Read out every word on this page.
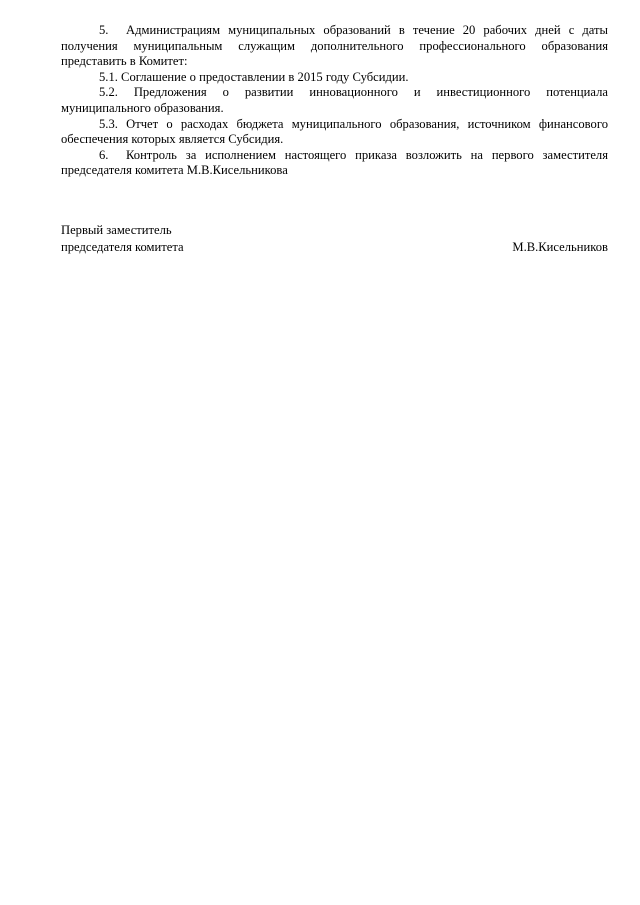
5. Администрациям муниципальных образований в течение 20 рабочих дней с даты получения муниципальным служащим дополнительного профессионального образования представить в Комитет:

5.1. Соглашение о предоставлении в 2015 году Субсидии.

5.2. Предложения о развитии инновационного и инвестиционного потенциала муниципального образования.

5.3. Отчет о расходах бюджета муниципального образования, источником финансового обеспечения которых является Субсидия.

6. Контроль за исполнением настоящего приказа возложить на первого заместителя председателя комитета М.В.Кисельникова

Первый заместитель

председателя комитета	М.В.Кисельников
